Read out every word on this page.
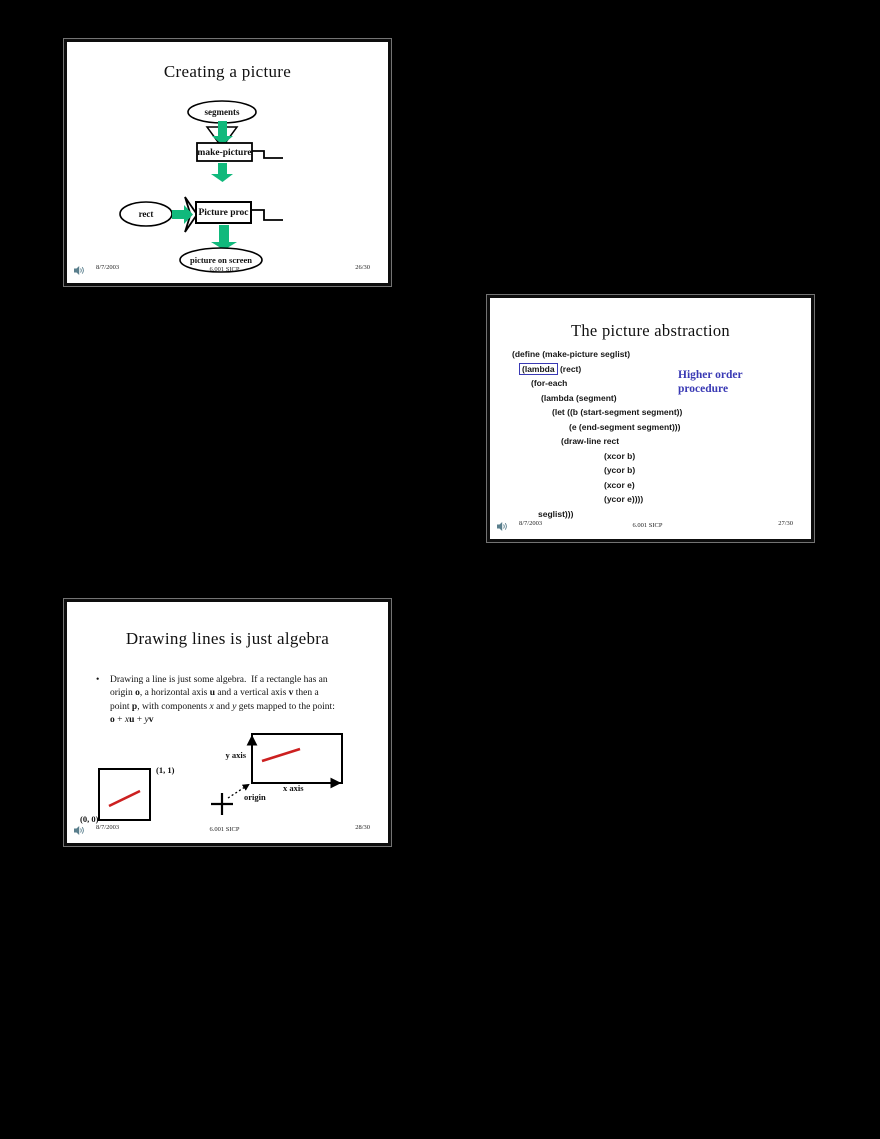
Creating a picture
segments
make-picture
rect	Picture proc
picture on screen
8/7/2003	6.001 SICP	26/30
The picture abstraction
(define (make-picture seglist)
(lambda (rect)
(for-each
(lambda (segment)
(let ((b (start-segment segment))
(e (end-segment segment)))
(draw-line rect
(xcor b)
(ycor b)
(xcor e)
(ycor e))))
seglist)))
Higher order procedure
8/7/2003	6.001 SICP	27/30
Drawing lines is just algebra
• Drawing a line is just some algebra.  If a rectangle has an
origin o, a horizontal axis u and a vertical axis v then a
point p, with components x and y gets mapped to the point:
o + xu + yv
(1, 1)
(0, 0)
y axis
x axis
origin
8/7/2003	6.001 SICP	28/30
